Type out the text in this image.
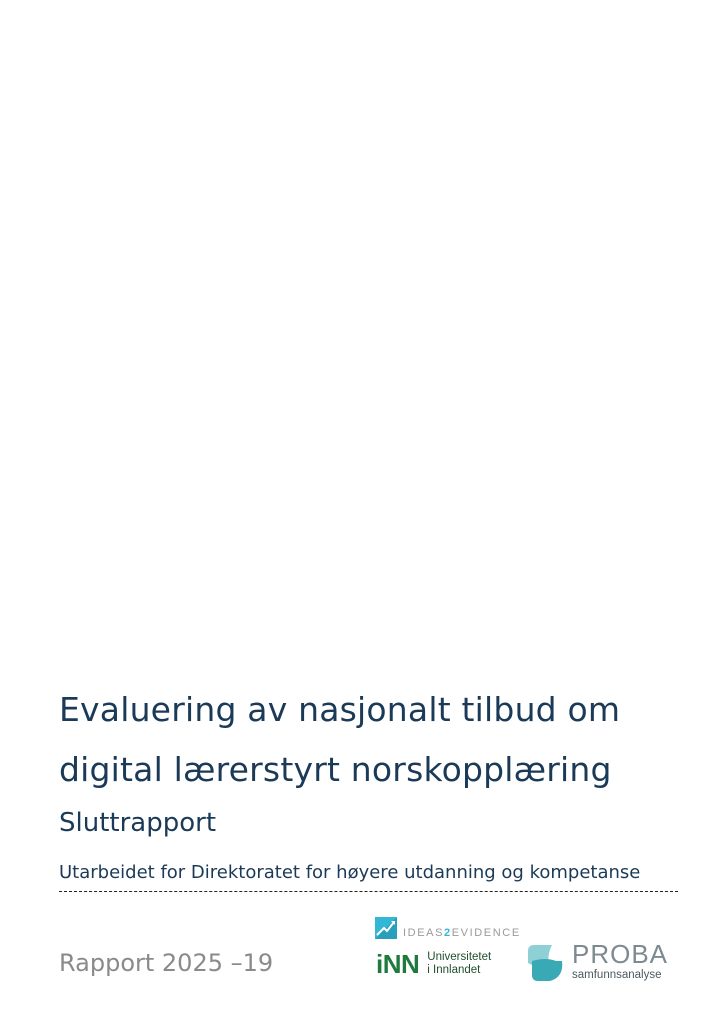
Evaluering av nasjonalt tilbud om
digital lærerstyrt norskopplæring
Sluttrapport

Utarbeidet for Direktoratet for høyere utdanning og kompetanse

Rapport 2025 –19

IDEAS2EVIDENCE
iNN Universitetet
i Innlandet
PROBA
samfunnsanalyse
